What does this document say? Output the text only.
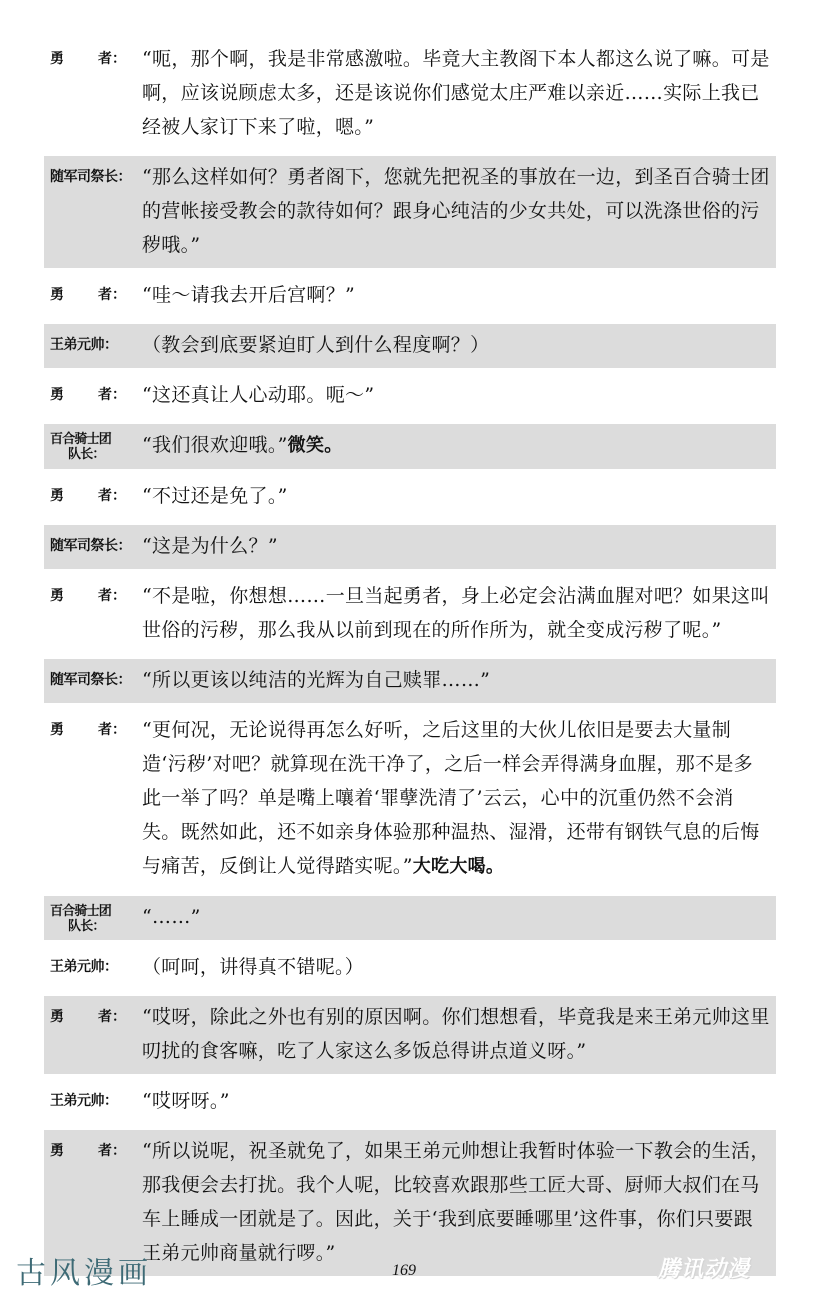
勇 者： “呃，那个啊，我是非常感激啦。毕竟大主教阁下本人都这么说了嘛。可是啊，应该说顾虑太多，还是该说你们感觉太庄严难以亲近……实际上我已经被人家订下来了啦，嗯。”
随军司祭长： “那么这样如何？勇者阁下，您就先把祝圣的事放在一边，到圣百合骑士团的营帐接受教会的款待如何？跟身心纯洁的少女共处，可以洗涤世俗的污秽哦。”
勇 者： “哇～请我去开后宫啊？”
王弟元帅：	（教会到底要紧迫盯人到什么程度啊？）
勇 者： “这还真让人心动耶。呃～”
百合骑士团
队长：	“我们很欢迎哦。”微笑。
勇 者： “不过还是免了。”
随军司祭长： “这是为什么？”
勇 者： “不是啦，你想想……一旦当起勇者，身上必定会沾满血腥对吧？如果这叫世俗的污秽，那么我从以前到现在的所作所为，就全变成污秽了呢。”
随军司祭长： “所以更该以纯洁的光辉为自己赎罪……”
勇 者： “更何况，无论说得再怎么好听，之后这里的大伙儿依旧是要去大量制造‘污秽’对吧？就算现在洗干净了，之后一样会弄得满身血腥，那不是多此一举了吗？单是嘴上嚷着‘罪孽洗清了’云云，心中的沉重仍然不会消失。既然如此，还不如亲身体验那种温热、湿滑，还带有钢铁气息的后悔与痛苦，反倒让人觉得踏实呢。”大吃大喝。
百合骑士团
队长：	“……”
王弟元帅：	（呵呵，讲得真不错呢。）
勇 者： “哎呀，除此之外也有别的原因啊。你们想想看，毕竟我是来王弟元帅这里叨扰的食客嘛，吃了人家这么多饭总得讲点道义呀。”
王弟元帅：	“哎呀呀。”
勇 者： “所以说呢，祝圣就免了，如果王弟元帅想让我暂时体验一下教会的生活，那我便会去打扰。我个人呢，比较喜欢跟那些工匠大哥、厨师大叔们在马车上睡成一团就是了。因此，关于‘我到底要睡哪里’这件事，你们只要跟王弟元帅商量就行啰。”
古风漫画	169	腾讯动漫
